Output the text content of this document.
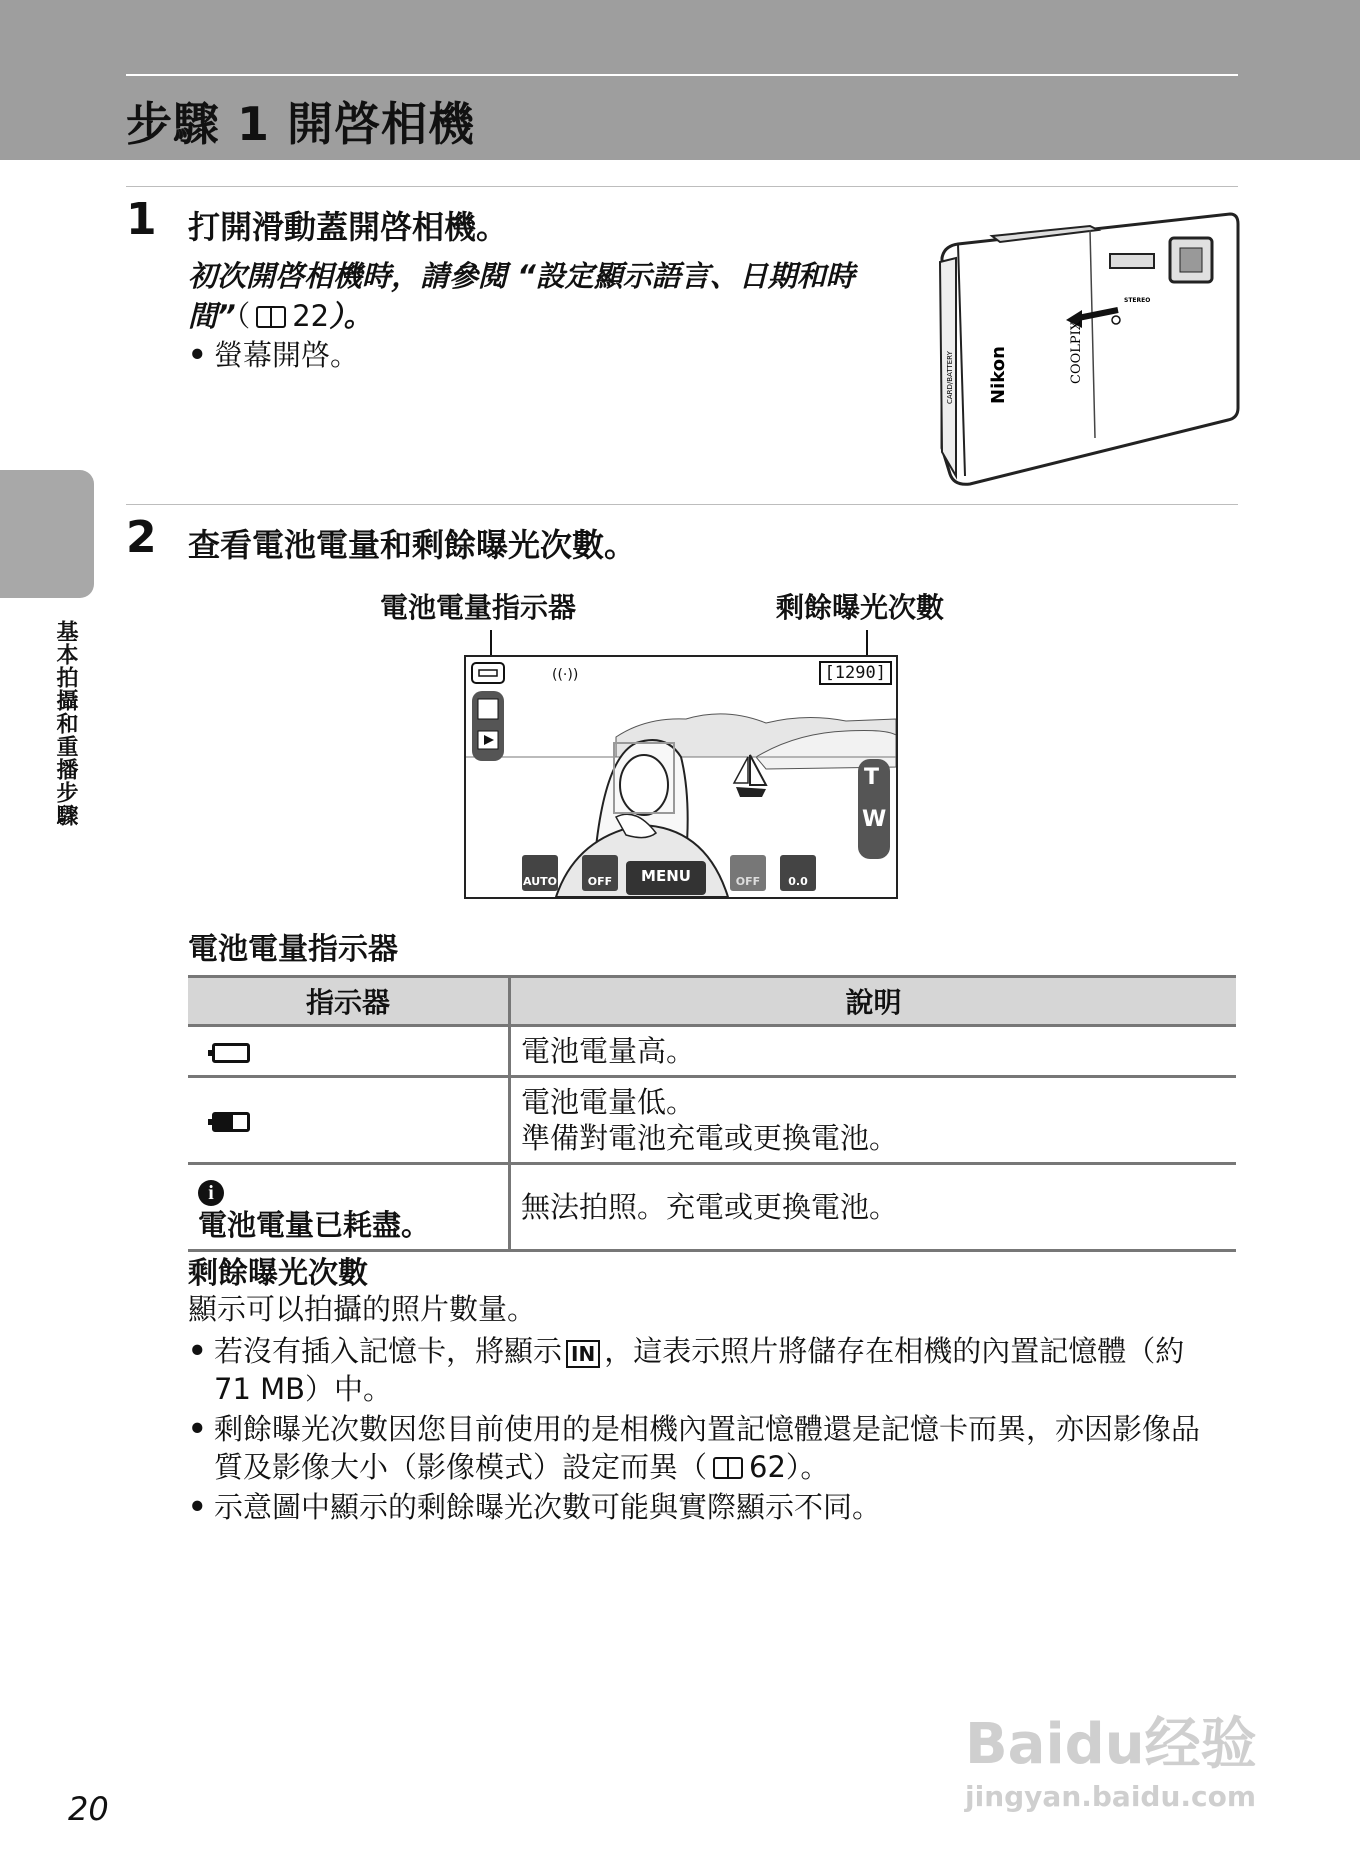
步驟 1 開啓相機
基本拍攝和重播步驟
1 打開滑動蓋開啓相機。
初次開啓相機時，請參閱 “設定顯示語言、日期和時間”（ 22）。
• 螢幕開啓。
STEREO
Nikon	COOLPIX
CARD/BATTERY
2 查看電池電量和剩餘曝光次數。
電池電量指示器	剩餘曝光次數
((·))	[1290]
T
W
AUTO	OFF	MENU	OFF	0.0
電池電量指示器
指示器	說明

	電池電量高。

	電池電量低。
準備對電池充電或更換電池。

i
電池電量已耗盡。	無法拍照。充電或更換電池。
剩餘曝光次數
顯示可以拍攝的照片數量。
• 若沒有插入記憶卡，將顯示 IN ，這表示照片將儲存在相機的內置記憶體（約
71 MB）中。
• 剩餘曝光次數因您目前使用的是相機內置記憶體還是記憶卡而異，亦因影像品
質及影像大小（影像模式）設定而異（ 62）。
• 示意圖中顯示的剩餘曝光次數可能與實際顯示不同。
20
Baidu经验
jingyan.baidu.com
